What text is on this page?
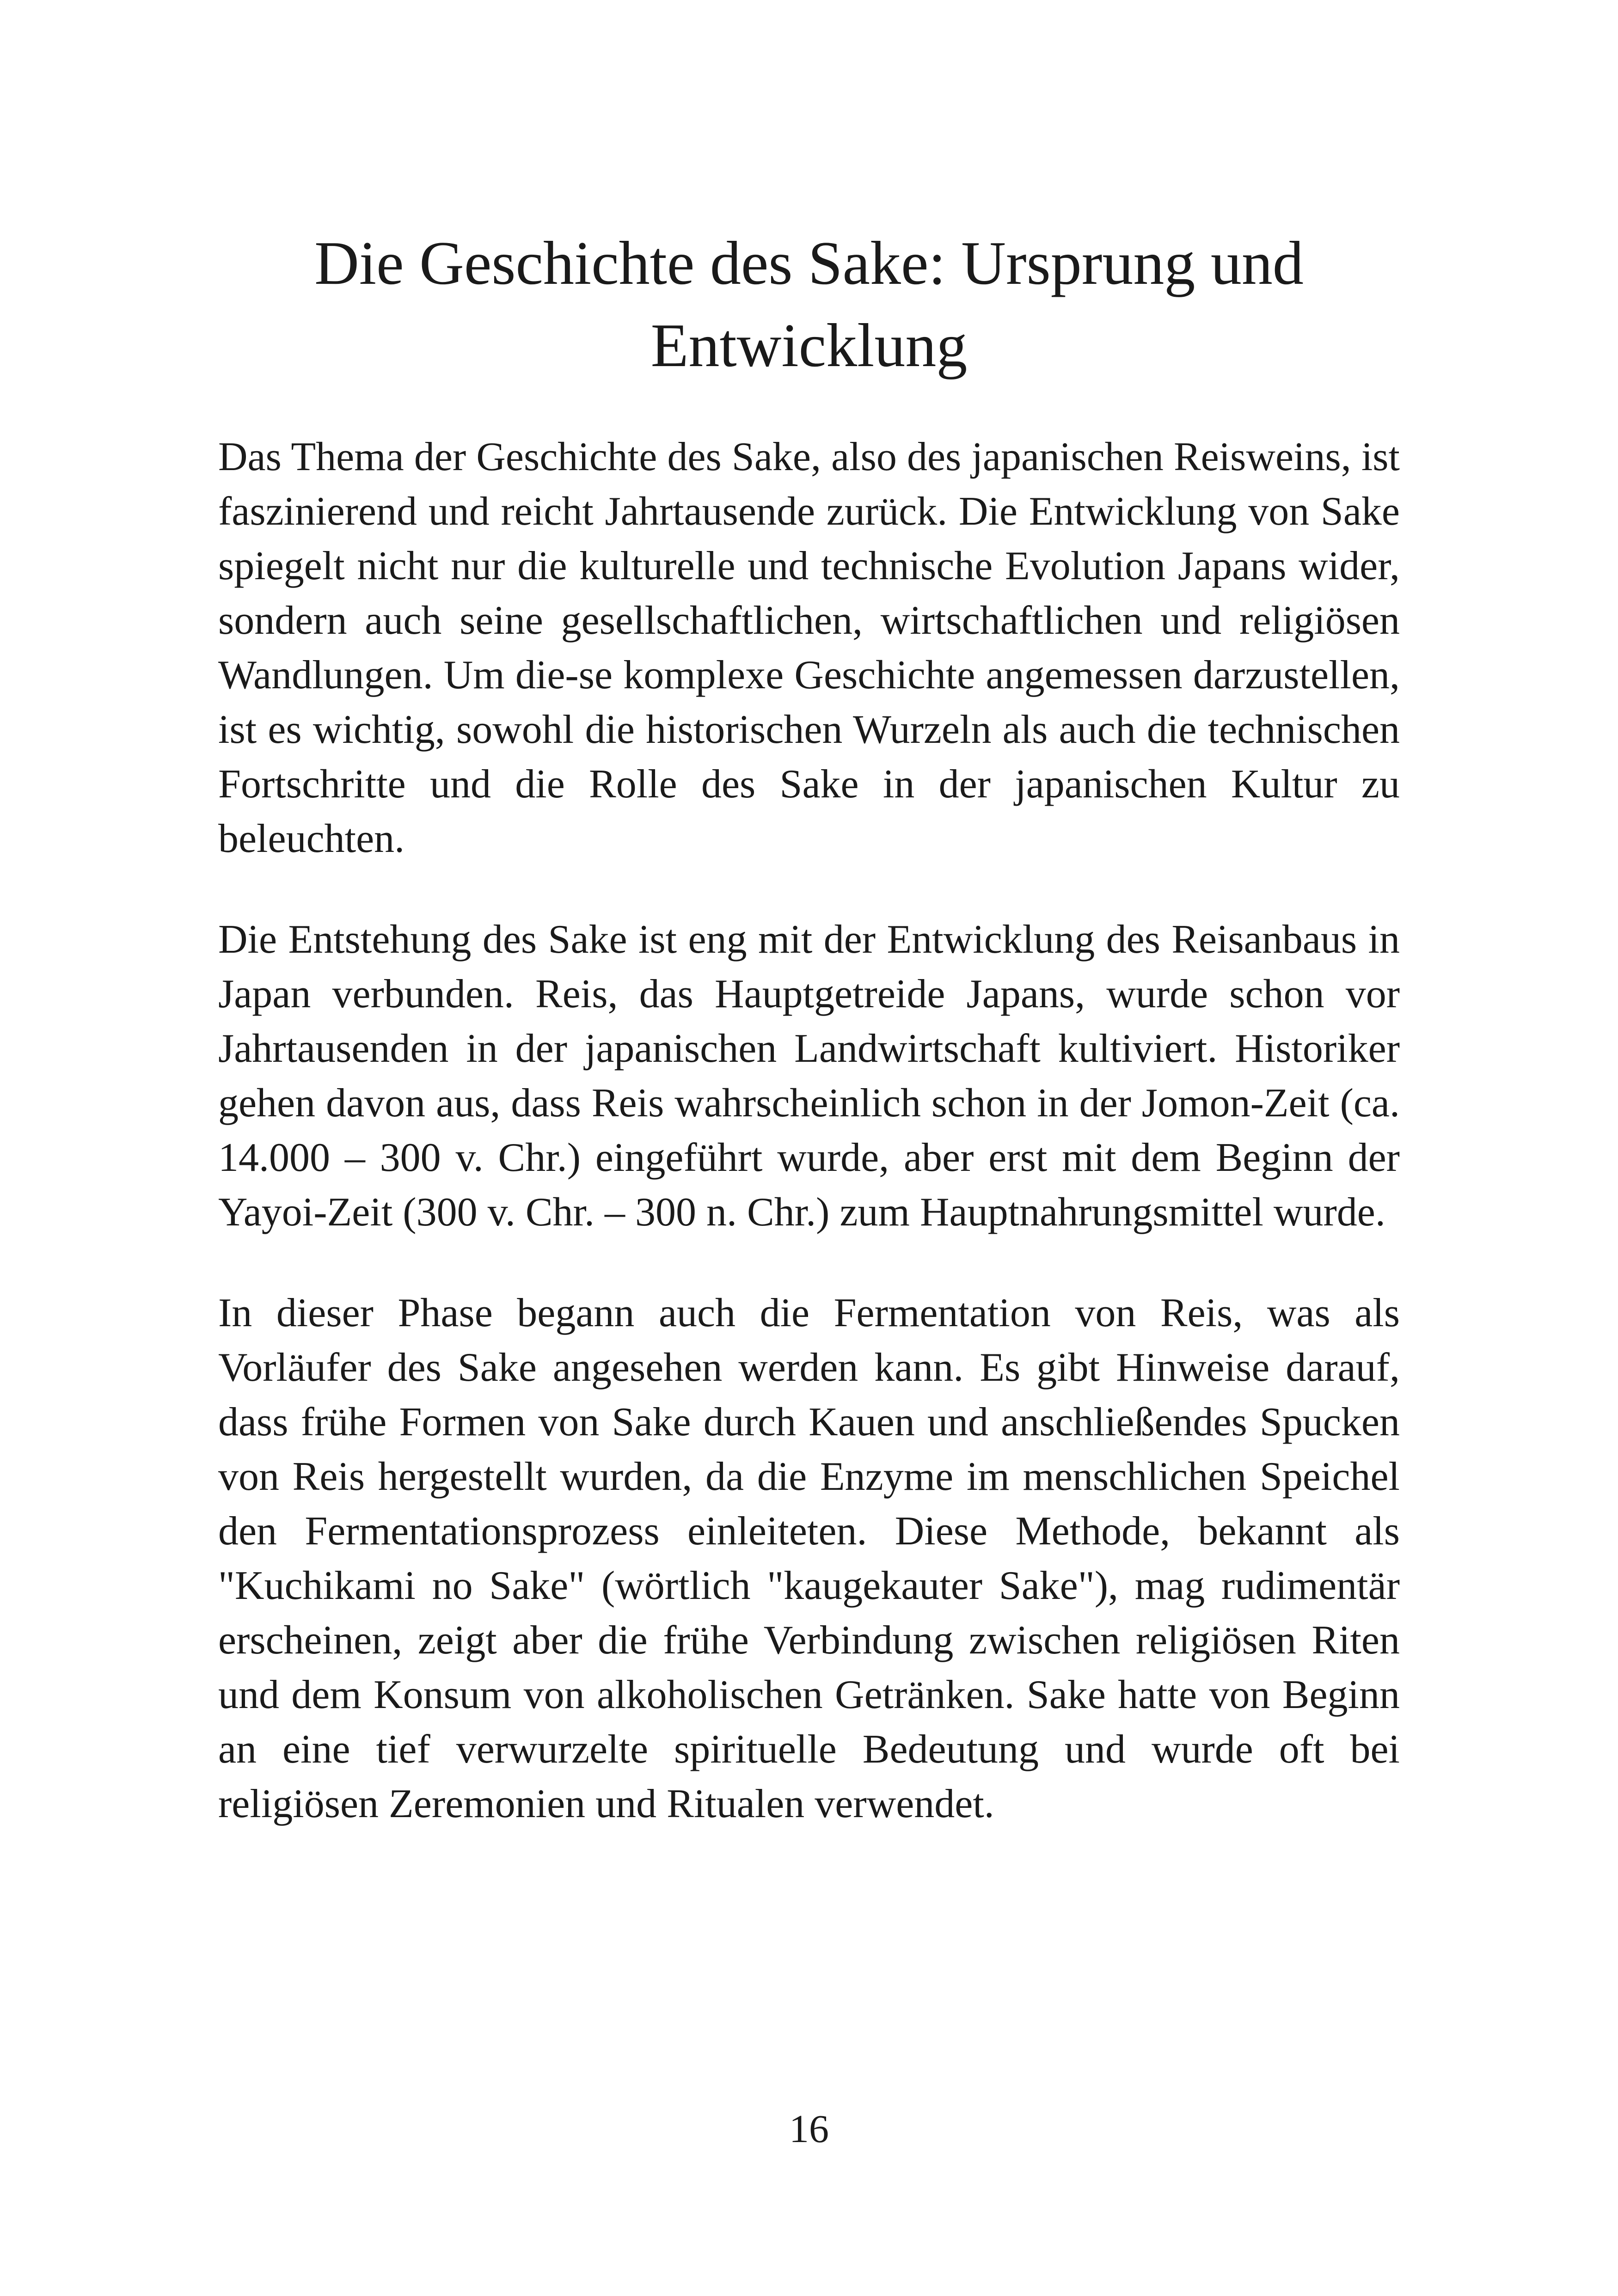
Die Geschichte des Sake: Ursprung und
Entwicklung

Das Thema der Geschichte des Sake, also des japanischen Reisweins, ist faszinierend und reicht Jahrtausende zurück. Die Entwicklung von Sake spiegelt nicht nur die kulturelle und technische Evolution Japans wider, sondern auch seine gesellschaftlichen, wirtschaftlichen und religiösen Wandlungen. Um die-se komplexe Geschichte angemessen darzustellen, ist es wichtig, sowohl die historischen Wurzeln als auch die technischen Fortschritte und die Rolle des Sake in der japanischen Kultur zu beleuchten.

Die Entstehung des Sake ist eng mit der Entwicklung des Reisanbaus in Japan verbunden. Reis, das Hauptgetreide Japans, wurde schon vor Jahrtausenden in der japanischen Landwirtschaft kultiviert. Historiker gehen davon aus, dass Reis wahrscheinlich schon in der Jomon-Zeit (ca. 14.000 – 300 v. Chr.) eingeführt wurde, aber erst mit dem Beginn der Yayoi-Zeit (300 v. Chr. – 300 n. Chr.) zum Hauptnahrungsmittel wurde.

In dieser Phase begann auch die Fermentation von Reis, was als Vorläufer des Sake angesehen werden kann. Es gibt Hinweise darauf, dass frühe Formen von Sake durch Kauen und anschließendes Spucken von Reis hergestellt wurden, da die Enzyme im menschlichen Speichel den Fermentationsprozess einleiteten. Diese Methode, bekannt als "Kuchikami no Sake" (wörtlich "kaugekauter Sake"), mag rudimentär erscheinen, zeigt aber die frühe Verbindung zwischen religiösen Riten und dem Konsum von alkoholischen Getränken. Sake hatte von Beginn an eine tief verwurzelte spirituelle Bedeutung und wurde oft bei religiösen Zeremonien und Ritualen verwendet.

16
